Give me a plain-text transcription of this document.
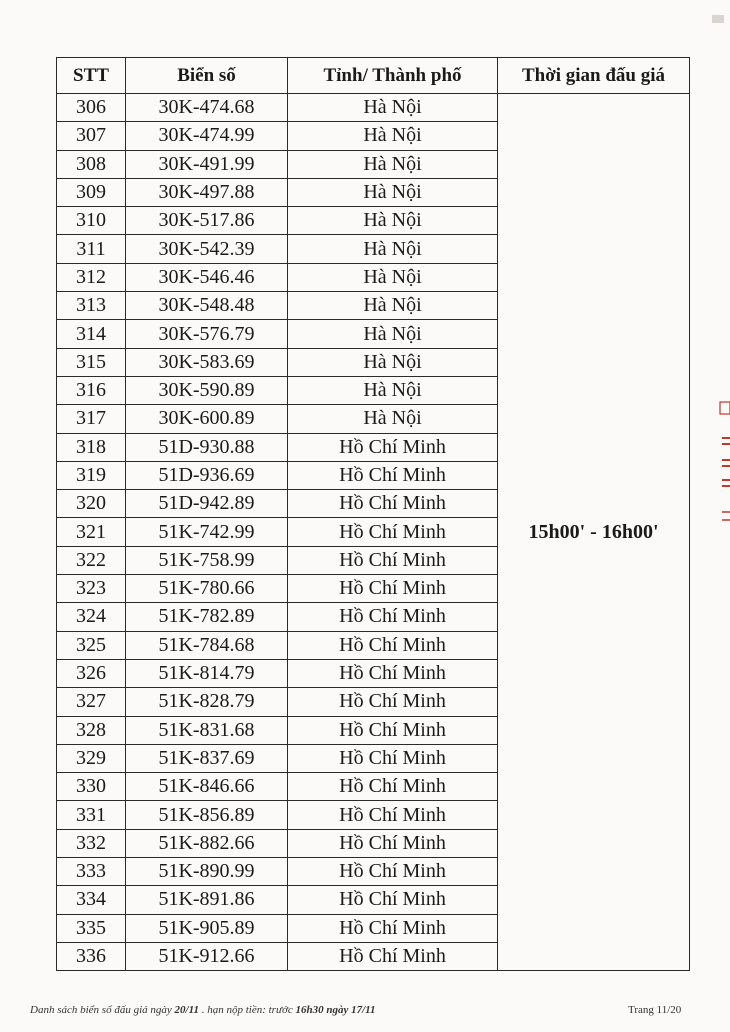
STT	Biển số	Tỉnh/ Thành phố	Thời gian đấu giá
306	30K-474.68	Hà Nội	15h00' - 16h00'
307	30K-474.99	Hà Nội	
308	30K-491.99	Hà Nội	
309	30K-497.88	Hà Nội	
310	30K-517.86	Hà Nội	
311	30K-542.39	Hà Nội	
312	30K-546.46	Hà Nội	
313	30K-548.48	Hà Nội	
314	30K-576.79	Hà Nội	
315	30K-583.69	Hà Nội	
316	30K-590.89	Hà Nội	
317	30K-600.89	Hà Nội	
318	51D-930.88	Hồ Chí Minh	
319	51D-936.69	Hồ Chí Minh	
320	51D-942.89	Hồ Chí Minh	
321	51K-742.99	Hồ Chí Minh	
322	51K-758.99	Hồ Chí Minh	
323	51K-780.66	Hồ Chí Minh	
324	51K-782.89	Hồ Chí Minh	
325	51K-784.68	Hồ Chí Minh	
326	51K-814.79	Hồ Chí Minh	
327	51K-828.79	Hồ Chí Minh	
328	51K-831.68	Hồ Chí Minh	
329	51K-837.69	Hồ Chí Minh	
330	51K-846.66	Hồ Chí Minh	
331	51K-856.89	Hồ Chí Minh	
332	51K-882.66	Hồ Chí Minh	
333	51K-890.99	Hồ Chí Minh	
334	51K-891.86	Hồ Chí Minh	
335	51K-905.89	Hồ Chí Minh	
336	51K-912.66	Hồ Chí Minh	
Danh sách biển số đấu giá ngày 20/11 . hạn nộp tiền: trước 16h30 ngày 17/11	Trang 11/20
